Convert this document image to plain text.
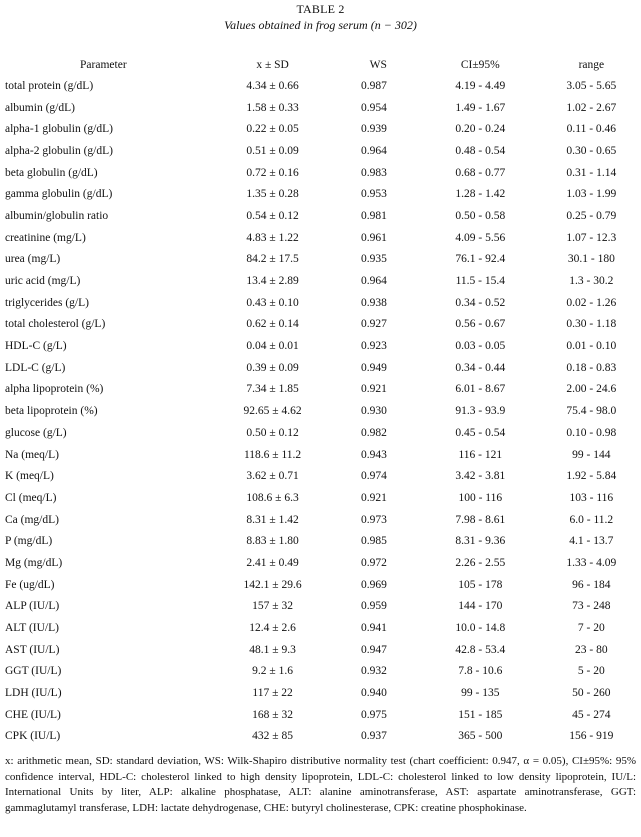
TABLE 2
Values obtained in frog serum (n − 302)
Parameter	x ± SD	WS	CI±95%	range
total protein (g/dL)	4.34 ± 0.66	0.987	4.19 - 4.49	3.05 - 5.65
albumin (g/dL)	1.58 ± 0.33	0.954	1.49 - 1.67	1.02 - 2.67
alpha-1 globulin (g/dL)	0.22 ± 0.05	0.939	0.20 - 0.24	0.11 - 0.46
alpha-2 globulin (g/dL)	0.51 ± 0.09	0.964	0.48 - 0.54	0.30 - 0.65
beta globulin (g/dL)	0.72 ± 0.16	0.983	0.68 - 0.77	0.31 - 1.14
gamma globulin (g/dL)	1.35 ± 0.28	0.953	1.28 - 1.42	1.03 - 1.99
albumin/globulin ratio	0.54 ± 0.12	0.981	0.50 - 0.58	0.25 - 0.79
creatinine (mg/L)	4.83 ± 1.22	0.961	4.09 - 5.56	1.07 - 12.3
urea (mg/L)	84.2 ± 17.5	0.935	76.1 - 92.4	30.1 - 180
uric acid (mg/L)	13.4 ± 2.89	0.964	11.5 - 15.4	1.3 - 30.2
triglycerides (g/L)	0.43 ± 0.10	0.938	0.34 - 0.52	0.02 - 1.26
total cholesterol (g/L)	0.62 ± 0.14	0.927	0.56 - 0.67	0.30 - 1.18
HDL-C (g/L)	0.04 ± 0.01	0.923	0.03 - 0.05	0.01 - 0.10
LDL-C (g/L)	0.39 ± 0.09	0.949	0.34 - 0.44	0.18 - 0.83
alpha lipoprotein (%)	7.34 ± 1.85	0.921	6.01 - 8.67	2.00 - 24.6
beta lipoprotein (%)	92.65 ± 4.62	0.930	91.3 - 93.9	75.4 - 98.0
glucose (g/L)	0.50 ± 0.12	0.982	0.45 - 0.54	0.10 - 0.98
Na (meq/L)	118.6 ± 11.2	0.943	116 - 121	99 - 144
K (meq/L)	3.62 ± 0.71	0.974	3.42 - 3.81	1.92 - 5.84
Cl (meq/L)	108.6 ± 6.3	0.921	100 - 116	103 - 116
Ca (mg/dL)	8.31 ± 1.42	0.973	7.98 - 8.61	6.0 - 11.2
P (mg/dL)	8.83 ± 1.80	0.985	8.31 - 9.36	4.1 - 13.7
Mg (mg/dL)	2.41 ± 0.49	0.972	2.26 - 2.55	1.33 - 4.09
Fe (ug/dL)	142.1 ± 29.6	0.969	105 - 178	96 - 184
ALP (IU/L)	157 ± 32	0.959	144 - 170	73 - 248
ALT (IU/L)	12.4 ± 2.6	0.941	10.0 - 14.8	7 - 20
AST (IU/L)	48.1 ± 9.3	0.947	42.8 - 53.4	23 - 80
GGT (IU/L)	9.2 ± 1.6	0.932	7.8 - 10.6	5 - 20
LDH (IU/L)	117 ± 22	0.940	99 - 135	50 - 260
CHE (IU/L)	168 ± 32	0.975	151 - 185	45 - 274
CPK (IU/L)	432 ± 85	0.937	365 - 500	156 - 919
x: arithmetic mean, SD: standard deviation, WS: Wilk-Shapiro distributive normality test (chart coefficient: 0.947, α = 0.05), CI±95%: 95% confidence interval, HDL-C: cholesterol linked to high density lipoprotein, LDL-C: cholesterol linked to low density lipoprotein, IU/L: International Units by liter, ALP: alkaline phosphatase, ALT: alanine aminotransferase, AST: aspartate aminotransferase, GGT: gammaglutamyl transferase, LDH: lactate dehydrogenase, CHE: butyryl cholinesterase, CPK: creatine phosphokinase.
